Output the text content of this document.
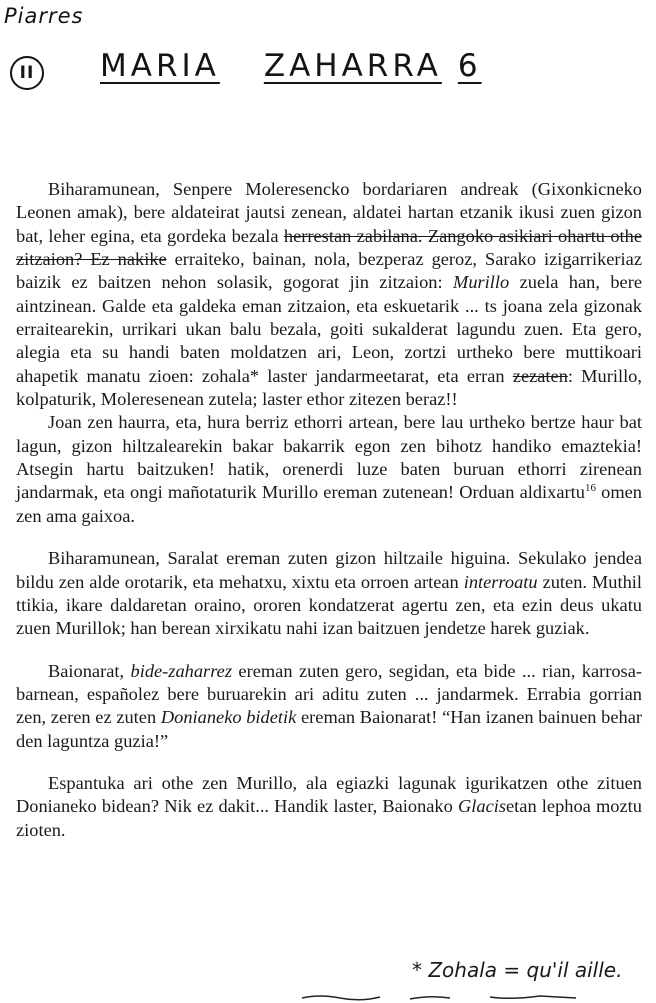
Piarres
II	MARIA ZAHARRA 6

Biharamunean, Senpere Moleresencko bordariaren andreak (Gixonkicneko Leonen amak), bere aldateirat jautsi zenean, aldatei hartan etzanik ikusi zuen gizon bat, leher egina, eta gordeka bezala herrestan zabilana. Zangoko asikiari ohartu othe zitzaion? Ez nakike erraiteko, bainan, nola, bezperaz geroz, Sarako izigarrikeriaz baizik ez baitzen nehon solasik, gogorat jin zitzaion: Murillo zuela han, bere aintzinean. Galde eta galdeka eman zitzaion, eta eskuetarik ... ts joana zela gizonak erraitearekin, urrikari ukan balu bezala, goiti sukalderat lagundu zuen. Eta gero, alegia eta su handi baten moldatzen ari, Leon, zortzi urtheko bere muttikoari ahapetik manatu zioen: zohala* laster jandarmeetarat, eta erran zezaten: Murillo, kolpaturik, Moleresenean zutela; laster ethor zitezen beraz!!

Joan zen haurra, eta, hura berriz ethorri artean, bere lau urtheko bertze haur bat lagun, gizon hiltzalearekin bakar bakarrik egon zen bihotz handiko emaztekia! Atsegin hartu baitzuken! hatik, orenerdi luze baten buruan ethorri zirenean jandarmak, eta ongi mañotaturik Murillo ereman zutenean! Orduan aldixartu$^{16}$ omen zen ama gaixoa.

Biharamunean, Saralat ereman zuten gizon hiltzaile higuina. Sekulako jendea bildu zen alde orotarik, eta mehatxu, xixtu eta orroen artean interroatu zuten. Muthil ttikia, ikare daldaretan oraino, ororen kondatzerat agertu zen, eta ezin deus ukatu zuen Murillok; han berean xirxikatu nahi izan baitzuen jendetze harek guziak.

Baionarat, bide-zaharrez ereman zuten gero, segidan, eta bide ... rian, karrosa-barnean, españolez bere buruarekin ari aditu zuten ... jandarmek. Errabia gorrian zen, zeren ez zuten Donianeko bidetik ereman Baionarat! “Han izanen bainuen behar den laguntza guzia!”

Espantuka ari othe zen Murillo, ala egiazki lagunak igurikatzen othe zituen Donianeko bidean? Nik ez dakit... Handik laster, Baionako Glacisetan lephoa moztu zioten.

* Zohala = qu'il aille.
